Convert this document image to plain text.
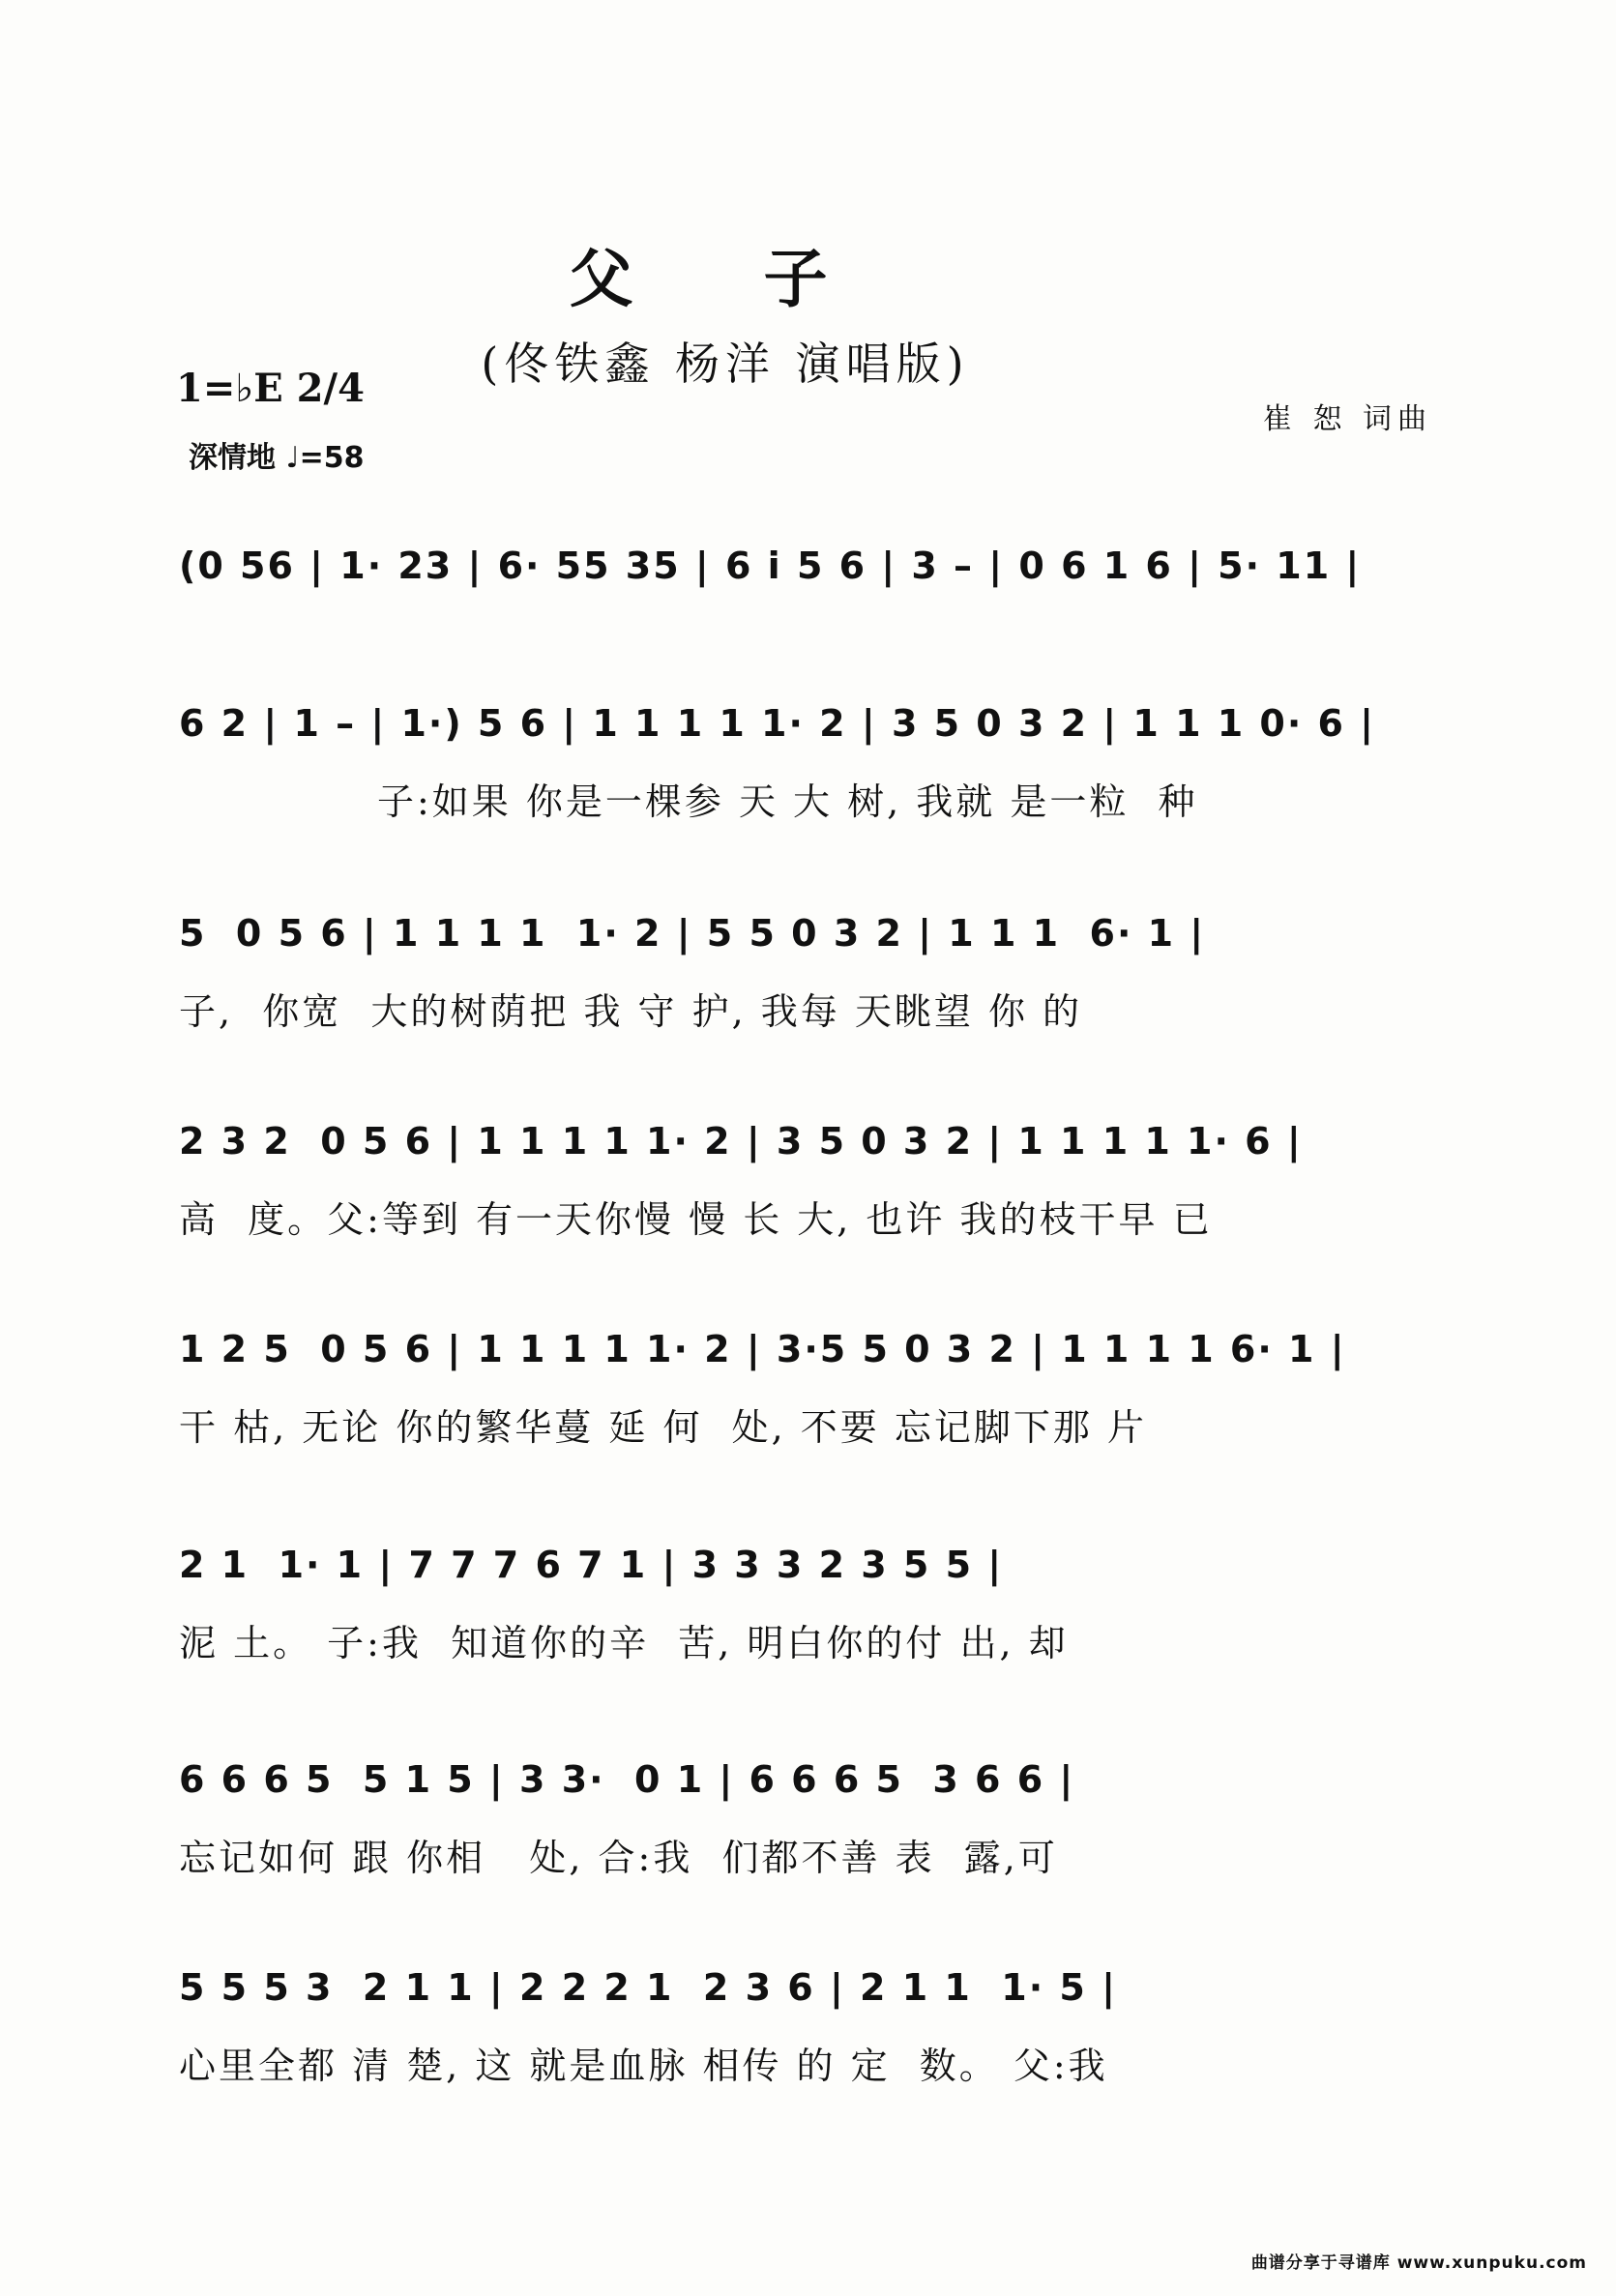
父 子
(佟铁鑫 杨洋 演唱版)
1=♭E 2/4
深情地 ♩=58
崔 恕 词曲

(0 56 | 1· 23 | 6· 55 35 | 6 i 5 6 | 3 – | 0 6 1 6 | 5· 11 |

6 2 | 1 – | 1·) 5 6 | 1 1 1 1 1· 2 | 3 5 0 3 2 | 1 1 1 0· 6 |

子:如果 你是一棵参 天 大 树, 我就 是一粒  种

5  0 5 6 | 1 1 1 1  1· 2 | 5 5 0 3 2 | 1 1 1  6· 1 |

子,  你宽  大的树荫把 我 守 护, 我每 天眺望 你 的

2 3 2  0 5 6 | 1 1 1 1 1· 2 | 3 5 0 3 2 | 1 1 1 1 1· 6 |

高  度。父:等到 有一天你慢 慢 长 大, 也许 我的枝干早 已

1 2 5  0 5 6 | 1 1 1 1 1· 2 | 3·5 5 0 3 2 | 1 1 1 1 6· 1 |

干 枯, 无论 你的繁华蔓 延 何  处, 不要 忘记脚下那 片

2 1  1· 1 | 7 7 7 6 7 1 | 3 3 3 2 3 5 5 |

泥 土。 子:我  知道你的辛  苦, 明白你的付 出, 却

6 6 6 5  5 1 5 | 3 3·  0 1 | 6 6 6 5  3 6 6 |

忘记如何 跟 你相   处, 合:我  们都不善 表  露,可

5 5 5 3  2 1 1 | 2 2 2 1  2 3 6 | 2 1 1  1· 5 |

心里全都 清 楚, 这 就是血脉 相传 的 定  数。 父:我

曲谱分享于寻谱库 www.xunpuku.com
